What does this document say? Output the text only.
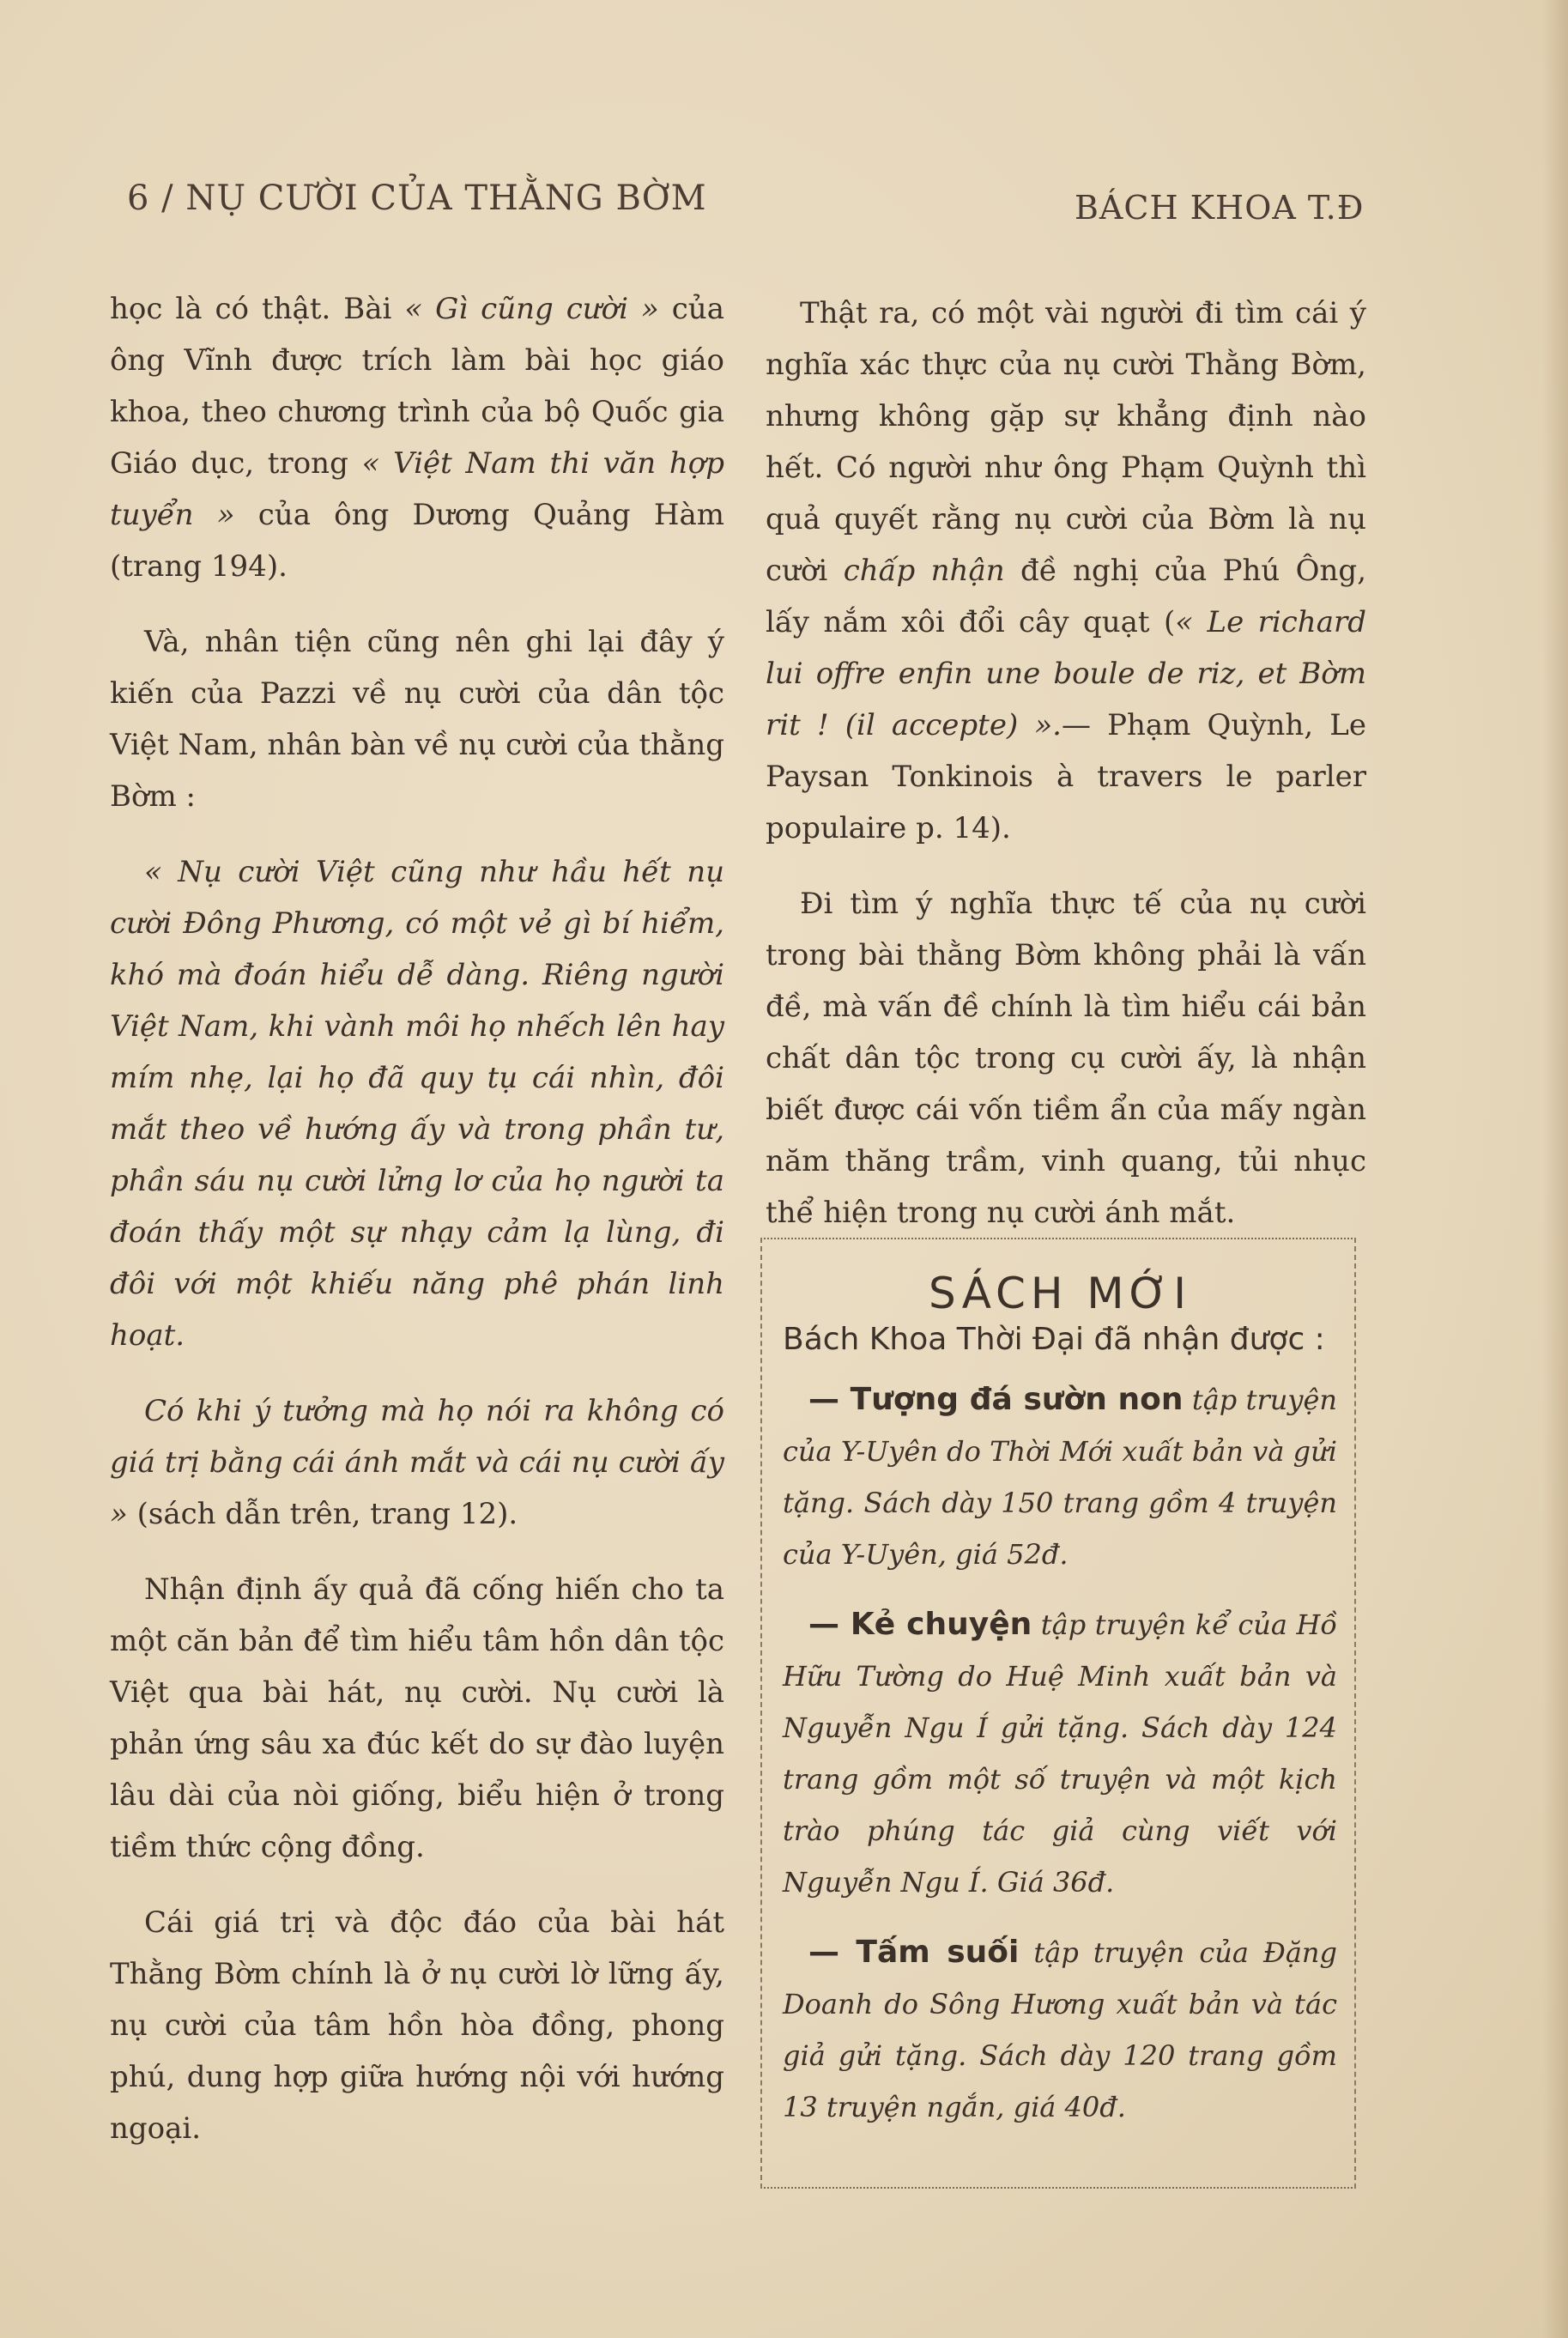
6 / NỤ CƯỜI CỦA THẰNG BỜM	BÁCH KHOA T.Đ

học là có thật. Bài « Gì cũng cười » của ông Vĩnh được trích làm bài học giáo khoa, theo chương trình của bộ Quốc gia Giáo dục, trong « Việt Nam thi văn hợp tuyển » của ông Dương Quảng Hàm (trang 194).

Và, nhân tiện cũng nên ghi lại đây ý kiến của Pazzi về nụ cười của dân tộc Việt Nam, nhân bàn về nụ cười của thằng Bờm :

« Nụ cười Việt cũng như hầu hết nụ cười Đông Phương, có một vẻ gì bí hiểm, khó mà đoán hiểu dễ dàng. Riêng người Việt Nam, khi vành môi họ nhếch lên hay mím nhẹ, lại họ đã quy tụ cái nhìn, đôi mắt theo về hướng ấy và trong phần tư, phần sáu nụ cười lửng lơ của họ người ta đoán thấy một sự nhạy cảm lạ lùng, đi đôi với một khiếu năng phê phán linh hoạt.

Có khi ý tưởng mà họ nói ra không có giá trị bằng cái ánh mắt và cái nụ cười ấy » (sách dẫn trên, trang 12).

Nhận định ấy quả đã cống hiến cho ta một căn bản để tìm hiểu tâm hồn dân tộc Việt qua bài hát, nụ cười. Nụ cười là phản ứng sâu xa đúc kết do sự đào luyện lâu dài của nòi giống, biểu hiện ở trong tiềm thức cộng đồng.

Cái giá trị và độc đáo của bài hát Thằng Bờm chính là ở nụ cười lờ lững ấy, nụ cười của tâm hồn hòa đồng, phong phú, dung hợp giữa hướng nội với hướng ngoại.

Thật ra, có một vài người đi tìm cái ý nghĩa xác thực của nụ cười Thằng Bờm, nhưng không gặp sự khẳng định nào hết. Có người như ông Phạm Quỳnh thì quả quyết rằng nụ cười của Bờm là nụ cười chấp nhận đề nghị của Phú Ông, lấy nắm xôi đổi cây quạt (« Le richard lui offre enfin une boule de riz, et Bờm rit ! (il accepte) ».— Phạm Quỳnh, Le Paysan Tonkinois à travers le parler populaire p. 14).

Đi tìm ý nghĩa thực tế của nụ cười trong bài thằng Bờm không phải là vấn đề, mà vấn đề chính là tìm hiểu cái bản chất dân tộc trong cụ cười ấy, là nhận biết được cái vốn tiềm ẩn của mấy ngàn năm thăng trầm, vinh quang, tủi nhục thể hiện trong nụ cười ánh mắt.

SÁCH MỚI
Bách Khoa Thời Đại đã nhận được :

— Tượng đá sườn non tập truyện của Y-Uyên do Thời Mới xuất bản và gửi tặng. Sách dày 150 trang gồm 4 truyện của Y-Uyên, giá 52đ.

— Kẻ chuyện tập truyện kể của Hồ Hữu Tường do Huệ Minh xuất bản và Nguyễn Ngu Í gửi tặng. Sách dày 124 trang gồm một số truyện và một kịch trào phúng tác giả cùng viết với Nguyễn Ngu Í. Giá 36đ.

— Tấm suối tập truyện của Đặng Doanh do Sông Hương xuất bản và tác giả gửi tặng. Sách dày 120 trang gồm 13 truyện ngắn, giá 40đ.
